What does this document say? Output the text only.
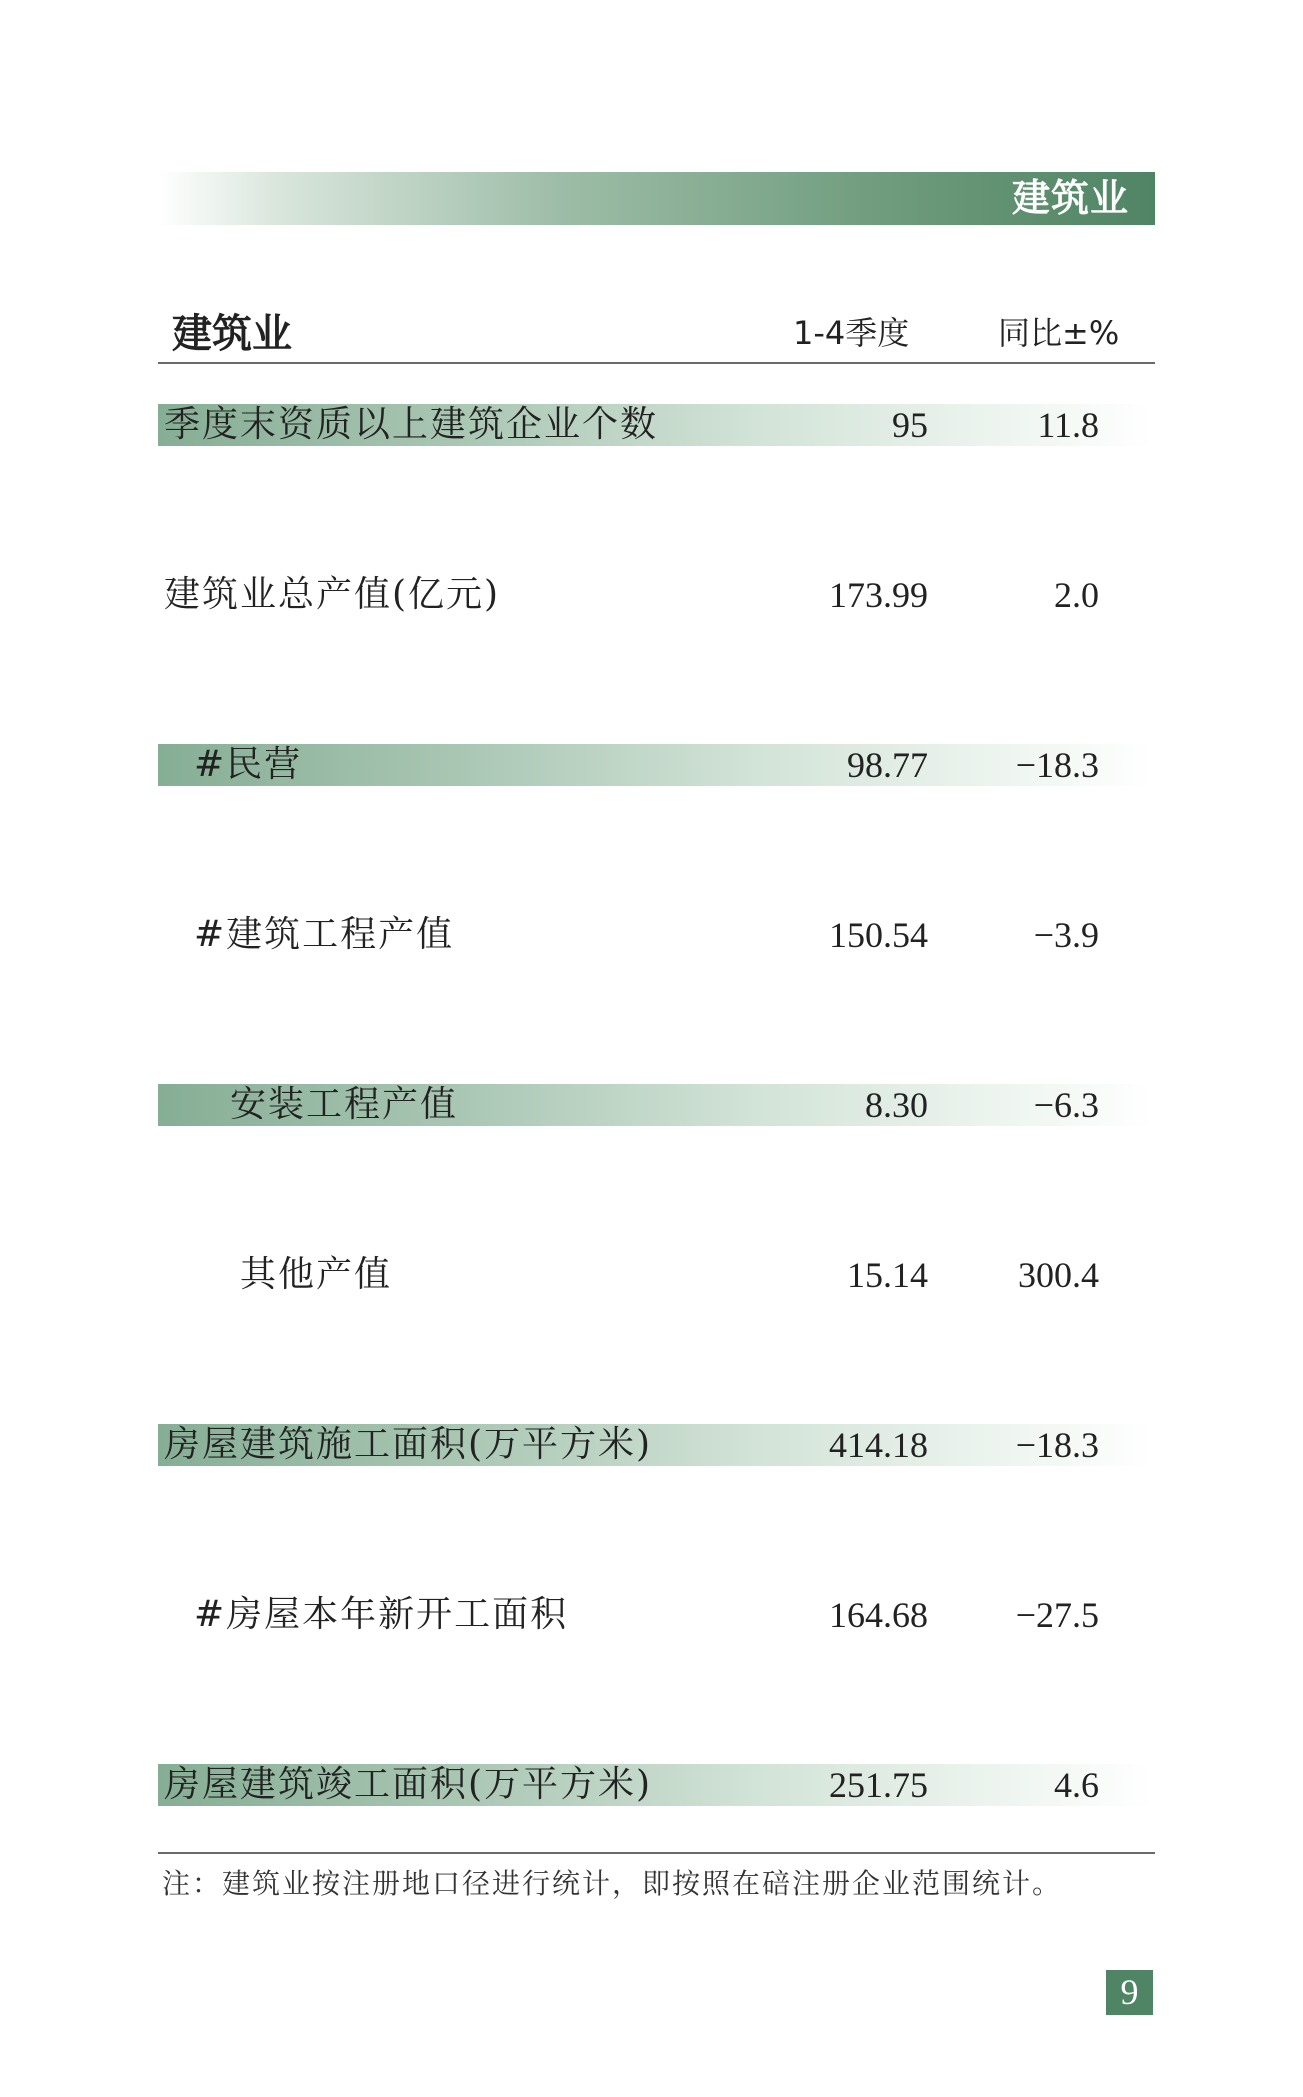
建筑业
建筑业	1-4季度	同比±%
季度末资质以上建筑企业个数	95	11.8
建筑业总产值(亿元)	173.99	2.0
#民营	98.77 −18.3
#建筑工程产值	150.54	−3.9
安装工程产值	8.30	−6.3
其他产值	15.14	300.4
房屋建筑施工面积(万平方米)	414.18 −18.3
#房屋本年新开工面积	164.68 −27.5
房屋建筑竣工面积(万平方米)	251.75	4.6
注：建筑业按注册地口径进行统计，即按照在碚注册企业范围统计。
9
